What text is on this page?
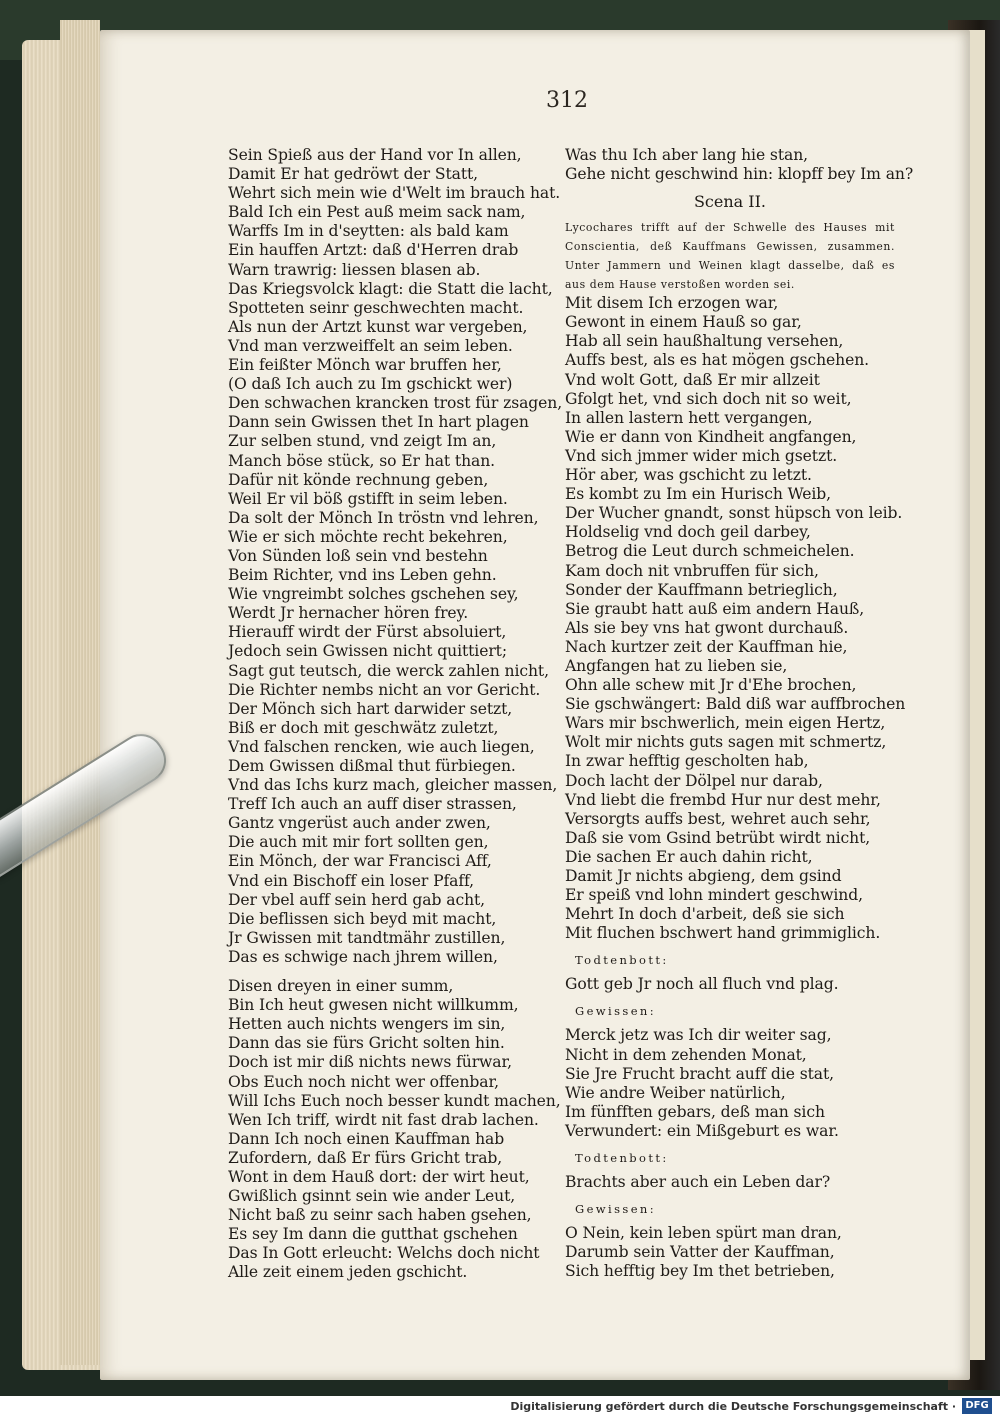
312
Sein Spieß aus der Hand vor In allen,
Damit Er hat gedröwt der Statt,
Wehrt sich mein wie d'Welt im brauch hat.
Bald Ich ein Pest auß meim sack nam,
Warffs Im in d'seytten: als bald kam
Ein hauffen Artzt: daß d'Herren drab
Warn trawrig: liessen blasen ab.
Das Kriegsvolck klagt: die Statt die lacht,
Spotteten seinr geschwechten macht.
Als nun der Artzt kunst war vergeben,
Vnd man verzweiffelt an seim leben.
Ein feißter Mönch war bruffen her,
(O daß Ich auch zu Im gschickt wer)
Den schwachen krancken trost für zsagen,
Dann sein Gwissen thet In hart plagen
Zur selben stund, vnd zeigt Im an,
Manch böse stück, so Er hat than.
Dafür nit könde rechnung geben,
Weil Er vil böß gstifft in seim leben.
Da solt der Mönch In tröstn vnd lehren,
Wie er sich möchte recht bekehren,
Von Sünden loß sein vnd bestehn
Beim Richter, vnd ins Leben gehn.
Wie vngreimbt solches gschehen sey,
Werdt Jr hernacher hören frey.
Hierauff wirdt der Fürst absoluiert,
Jedoch sein Gwissen nicht quittiert;
Sagt gut teutsch, die werck zahlen nicht,
Die Richter nembs nicht an vor Gericht.
Der Mönch sich hart darwider setzt,
Biß er doch mit geschwätz zuletzt,
Vnd falschen rencken, wie auch liegen,
Dem Gwissen dißmal thut fürbiegen.
Vnd das Ichs kurz mach, gleicher massen,
Treff Ich auch an auff diser strassen,
Gantz vngerüst auch ander zwen,
Die auch mit mir fort sollten gen,
Ein Mönch, der war Francisci Aff,
Vnd ein Bischoff ein loser Pfaff,
Der vbel auff sein herd gab acht,
Die beflissen sich beyd mit macht,
Jr Gwissen mit tandtmähr zustillen,
Das es schwige nach jhrem willen,
Disen dreyen in einer summ,
Bin Ich heut gwesen nicht willkumm,
Hetten auch nichts wengers im sin,
Dann das sie fürs Gricht solten hin.
Doch ist mir diß nichts news fürwar,
Obs Euch noch nicht wer offenbar,
Will Ichs Euch noch besser kundt machen,
Wen Ich triff, wirdt nit fast drab lachen.
Dann Ich noch einen Kauffman hab
Zufordern, daß Er fürs Gricht trab,
Wont in dem Hauß dort: der wirt heut,
Gwißlich gsinnt sein wie ander Leut,
Nicht baß zu seinr sach haben gsehen,
Es sey Im dann die gutthat gschehen
Das In Gott erleucht: Welchs doch nicht
Alle zeit einem jeden gschicht.
Was thu Ich aber lang hie stan,
Gehe nicht geschwind hin: klopff bey Im an?
Scena II.
Lycochares trifft auf der Schwelle des Hauses mit Conscientia, deß Kauffmans Gewissen, zusammen. Unter Jammern und Weinen klagt dasselbe, daß es aus dem Hause verstoßen worden sei.
Mit disem Ich erzogen war,
Gewont in einem Hauß so gar,
Hab all sein haußhaltung versehen,
Auffs best, als es hat mögen gschehen.
Vnd wolt Gott, daß Er mir allzeit
Gfolgt het, vnd sich doch nit so weit,
In allen lastern hett vergangen,
Wie er dann von Kindheit angfangen,
Vnd sich jmmer wider mich gsetzt.
Hör aber, was gschicht zu letzt.
Es kombt zu Im ein Hurisch Weib,
Der Wucher gnandt, sonst hüpsch von leib.
Holdselig vnd doch geil darbey,
Betrog die Leut durch schmeichelen.
Kam doch nit vnbruffen für sich,
Sonder der Kauffmann betrieglich,
Sie graubt hatt auß eim andern Hauß,
Als sie bey vns hat gwont durchauß.
Nach kurtzer zeit der Kauffman hie,
Angfangen hat zu lieben sie,
Ohn alle schew mit Jr d'Ehe brochen,
Sie gschwängert: Bald diß war auffbrochen
Wars mir bschwerlich, mein eigen Hertz,
Wolt mir nichts guts sagen mit schmertz,
In zwar hefftig gescholten hab,
Doch lacht der Dölpel nur darab,
Vnd liebt die frembd Hur nur dest mehr,
Versorgts auffs best, wehret auch sehr,
Daß sie vom Gsind betrübt wirdt nicht,
Die sachen Er auch dahin richt,
Damit Jr nichts abgieng, dem gsind
Er speiß vnd lohn mindert geschwind,
Mehrt In doch d'arbeit, deß sie sich
Mit fluchen bschwert hand grimmiglich.
Todtenbott:
Gott geb Jr noch all fluch vnd plag.
Gewissen:
Merck jetz was Ich dir weiter sag,
Nicht in dem zehenden Monat,
Sie Jre Frucht bracht auff die stat,
Wie andre Weiber natürlich,
Im fünfften gebars, deß man sich
Verwundert: ein Mißgeburt es war.
Todtenbott:
Brachts aber auch ein Leben dar?
Gewissen:
O Nein, kein leben spürt man dran,
Darumb sein Vatter der Kauffman,
Sich hefftig bey Im thet betrieben,
Digitalisierung gefördert durch die Deutsche Forschungsgemeinschaft · DFG
